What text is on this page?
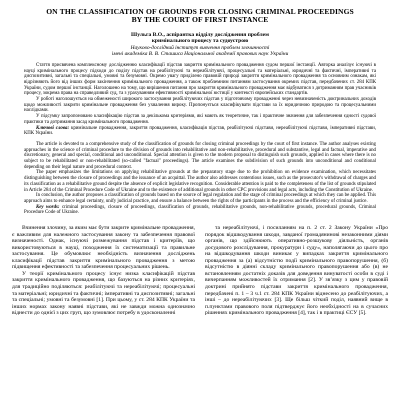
ON THE CLASSIFICATION OF GROUNDS FOR CLOSING CRIMINAL PROCEEDINGS
BY THE COURT OF FIRST INSTANCE
Шульга В.О., аспірантка відділу дослідження проблем
кримінального процесу та судоустрою
Науково-дослідний інститут вивчення проблем злочинності
імені академіка В. В. Сташиса Національної академії правових наук України

Стаття присвячена комплексному дослідженню класифікації підстав закриття кримінального провадження судом першої інстанції. Авторка аналізує існуючі в науці кримінального процесу підходи до поділу підстав на реабілітуючі та нереабілітуючі, процесуальні та матеріальні, юридичні та фактичні, імперативні та диспозитивні, загальні та спеціальні, умовні та безумовні. Окремо увагу приділено правовій природі закриття кримінального провадження та основним ознакам, які відрізняють його від інших форм закінчення кримінального провадження, а також проблемним питанням застосування окремих підстав, передбачених ст. 284 КПК України, судом першої інстанції. Наголошено на тому, що вирішення питання про закриття кримінального провадження має відбуватися з дотриманням прав учасників процесу, зокрема права на справедливий суд, та з урахуванням ефективності кримінальної юстиції у контексті європейських стандартів.

У роботі наголошується на обмеженості широкого застосування реабілітуючих підстав у підготовчому провадженні через невизначеність доктринальних доходів щодо можливості закрити кримінальне провадження без ухвалення вироку. Пропонується класифікувати підстави за їх юридичною природою та процесуальними наслідками.

У підсумку запропоновано класифікацію підстав за декількома критеріями, які мають як теоретичне, так і практичне значення для забезпечення єдності судової практики та дотримання засад кримінального провадження.

Ключові слова: кримінальне провадження, закриття провадження, класифікація підстав, реабілітуючі підстави, нереабілітуючі підстави, імперативні підстави, КПК України.

The article is devoted to a comprehensive study of the classification of grounds for closing criminal proceedings by the court of first instance. The author analyses existing approaches in the science of criminal procedure to the division of grounds into rehabilitative and non-rehabilitative, procedural and substantive, legal and factual, imperative and discretionary, general and special, conditional and unconditional. Special attention is given to the modern proposal to distinguish such grounds, applied in cases where there is no subject to be rehabilitated or non-rehabilitated (so-called "factual" proceedings). The article examines the subdivision of such grounds into unconditional and conditional depending on their legal nature and procedural context.

The paper emphasizes the limitations on applying rehabilitative grounds at the preparatory stage due to the prohibition on evidence examination, which necessitates distinguishing between the closure of proceedings and the issuance of an acquittal. The author also addresses contentious issues, such as the prosecutor's withdrawal of charges and its classification as a rehabilitative ground despite the absence of explicit legislative recognition. Considerable attention is paid to the completeness of the list of grounds stipulated in Article 284 of the Criminal Procedure Code of Ukraine and to the existence of additional grounds in other CPC provisions and legal acts, including the Constitution of Ukraine.

In conclusion, the author proposes a classification of grounds based on the source of legal regulation and the stage of criminal proceedings at which they can be applied. This approach aims to enhance legal certainty, unify judicial practice, and ensure a balance between the rights of the participants in the process and the efficiency of criminal justice.

Key words: criminal proceedings, closure of proceedings, classification of grounds, rehabilitative grounds, non-rehabilitative grounds, procedural grounds, Criminal Procedure Code of Ukraine.

Вчинення злочину, за яким має бути закрите кримінальне провадження, є важливим для належного застосування закону та забезпечення правової визначеності. Однак, існуючі розмежування підстав і критеріїв, що використовуються в науці, походження їх систематизації та правильне застосування. Це обумовлює необхідність визначення досліджень класифікації підстав закриття кримінального провадження з метою підвищення ефективності та забезпечення процесуальних рішень.

У теорії кримінального процесу існує низка класифікацій підстав закриття кримінального провадження, що базуються на різних критеріях, для традиційно поділяються: реабілітуючі та нереабілітуючі; процесуальні та матеріальні; юридичні та фактичні; імперативні та диспозитивні; загальні та спеціальні; умовні та безумовні [1]. При цьому, у ст. 284 КПК України та інших нормах закону наявні підстави, які не завжди можна однозначно віднести до однієї з цих груп, що зумовлює потребу в удосконаленні

та нереабілітуючі, і посиланням на п. 2 ст. 2 Закону України «Про порядок відшкодування шкоди, завданої громадянинові незаконними діями органів, що здійснюють оперативно-розшукову діяльність, органів досудового розслідування, прокуратури і суду», наполягаючи до цього про на відшкодування шкоди виникає у випадках закриття кримінального провадження за (a) відсутністю події кримінального правопорушення, (б) відсутністю в діянні складу кримінального правопорушення або (в) не встановленням достатніх доказів для доведення винуватості особи в суді і вичерпанням можливостей їх отримання [2]. У зв’язку з цим у правовій доктрині прийнято підстави закриття кримінального провадження, передбачені п. 1 – 3 ч.1 ст. 284 КПК України віднесено до реабілітуючих, а інші – до нереабілітуючих [3]. Ще більш чіткий поділ, наявний вище в п.пунктами правового поля підтверджує його необхідності на в сучасних рішеннях кримінального провадження [4], так і в практиці ЄСУ [5].
